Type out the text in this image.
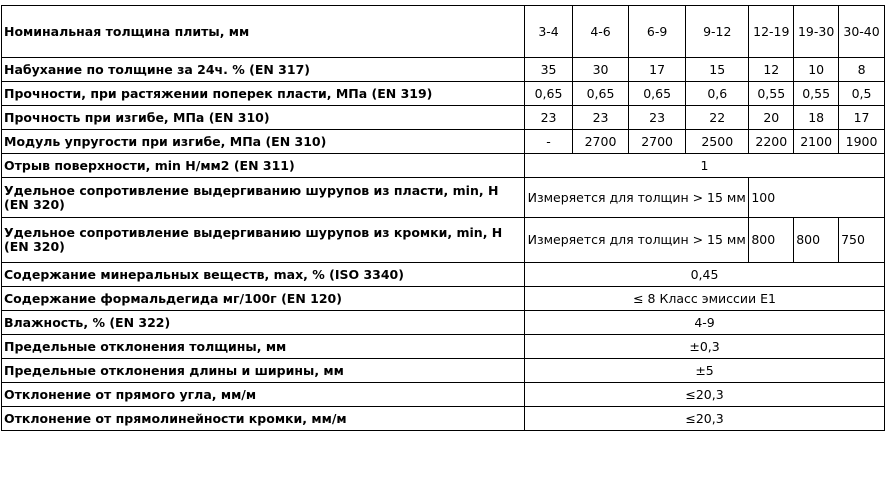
Номинальная толщина плиты, мм	3-4	4-6	6-9	9-12	12-19	19-30	30-40
Набухание по толщине за 24ч. % (EN 317)	35	30	17	15	12	10	8
Прочности, при растяжении поперек пласти, МПа (EN 319)	0,65	0,65	0,65	0,6	0,55	0,55	0,5
Прочность при изгибе, МПа (EN 310)	23	23	23	22	20	18	17
Модуль упругости при изгибе, МПа (EN 310)	-	2700	2700	2500	2200	2100	1900
Отрыв поверхности, min Н/мм2 (EN 311)	1						
Удельное сопротивление выдергиванию шурупов из пласти, min, Н (EN 320)	Измеряется для толщин > 15 мм				100		
Удельное сопротивление выдергиванию шурупов из кромки, min, Н (EN 320)	Измеряется для толщин > 15 мм				800	800	750
Содержание минеральных веществ, max, % (ISO 3340)	0,45						
Содержание формальдегида мг/100г (EN 120)	≤ 8 Класс эмиссии Е1						
Влажность, % (EN 322)	4-9						
Предельные отклонения толщины, мм	±0,3						
Предельные отклонения длины и ширины, мм	±5						
Отклонение от прямого угла, мм/м	≤20,3						
Отклонение от прямолинейности кромки, мм/м	≤20,3						
